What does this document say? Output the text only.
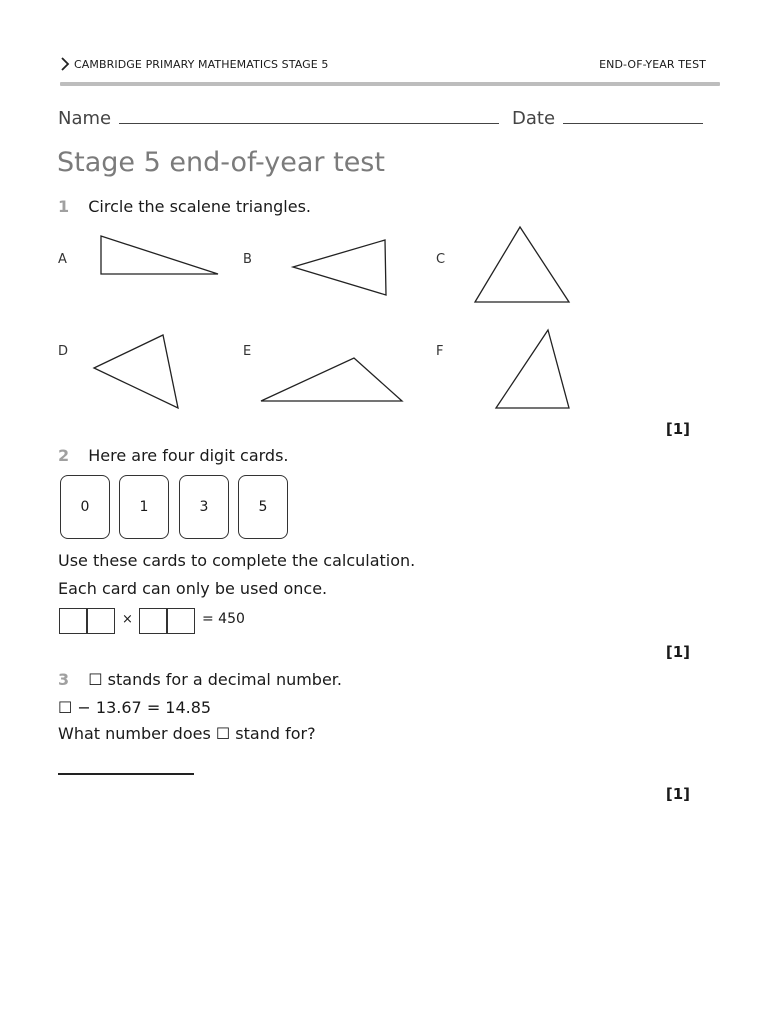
CAMBRIDGE PRIMARY MATHEMATICS STAGE 5	END-OF-YEAR TEST
Name	Date
Stage 5 end-of-year test
1 Circle the scalene triangles.
A	B	C
D	E	F
[1]
2 Here are four digit cards.
0	1	3	5
Use these cards to complete the calculation.
Each card can only be used once.
×	= 450
[1]
3 ☐ stands for a decimal number.
☐ − 13.67 = 14.85
What number does ☐ stand for?
[1]
